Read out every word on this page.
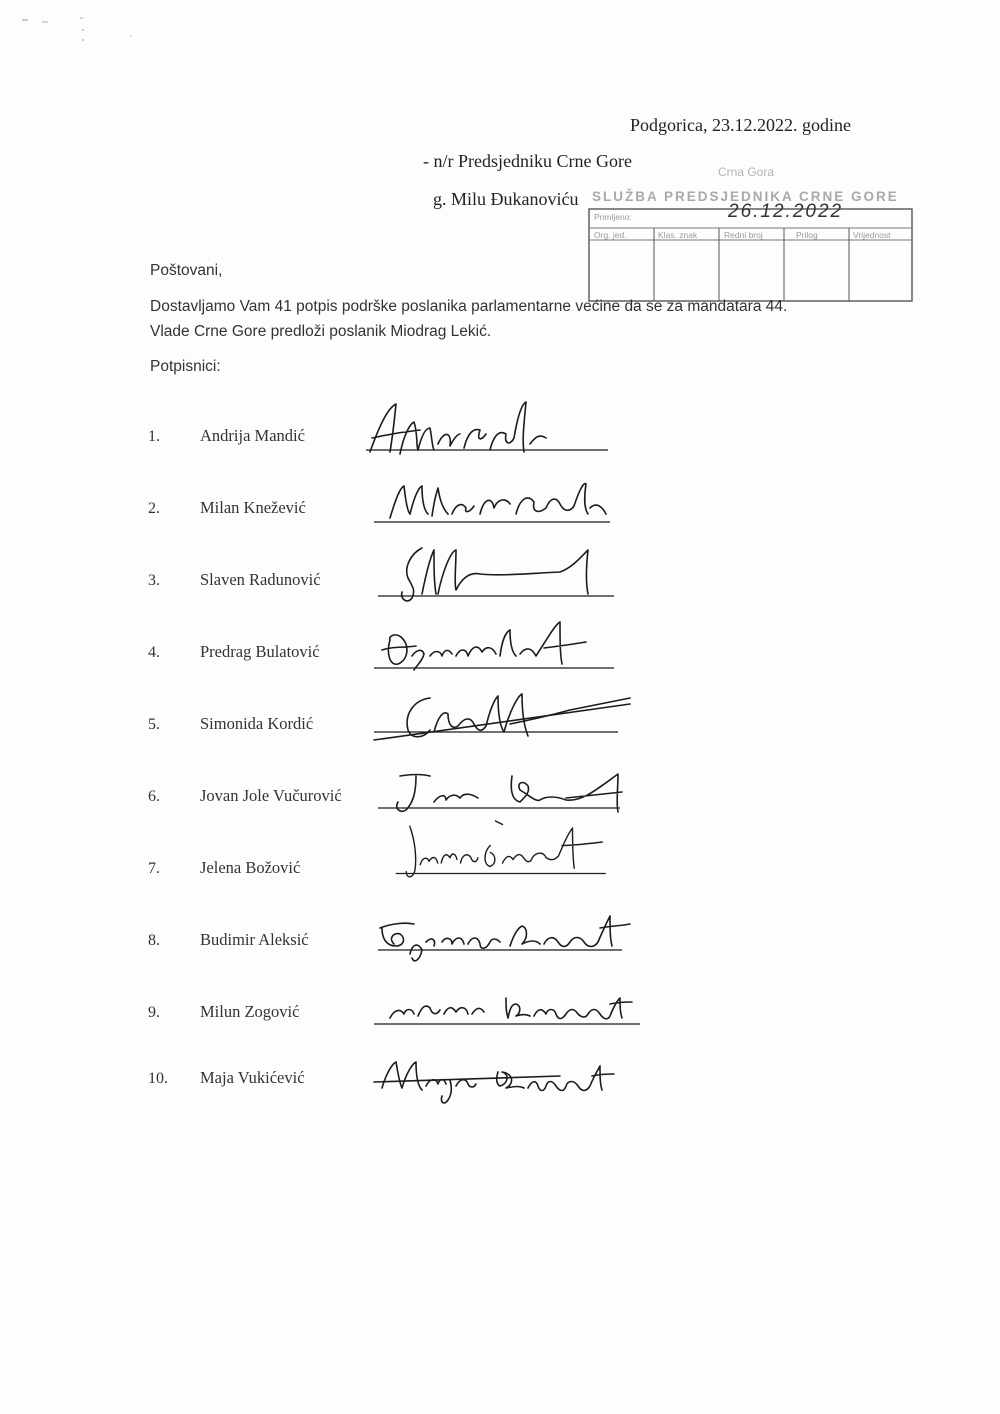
Podgorica, 23.12.2022. godine
- n/r Predsjedniku Crne Gore
g. Milu Đukanoviću
Crna Gora
SLUŽBA PREDSJEDNIKA CRNE GORE
Primljeno:
Org. jed.	Klas. znak	Redni broj	Prilog	Vrijednost
26.12.2022
Poštovani,
Dostavljamo Vam 41 potpis podrške poslanika parlamentarne većine da se za mandatara 44.
Vlade Crne Gore predloži poslanik Miodrag Lekić.
Potpisnici:
1. Andrija Mandić
2. Milan Knežević
3. Slaven Radunović
4. Predrag Bulatović
5. Simonida Kordić
6. Jovan Jole Vučurović
7. Jelena Božović
8. Budimir Aleksić
9. Milun Zogović
10. Maja Vukićević
